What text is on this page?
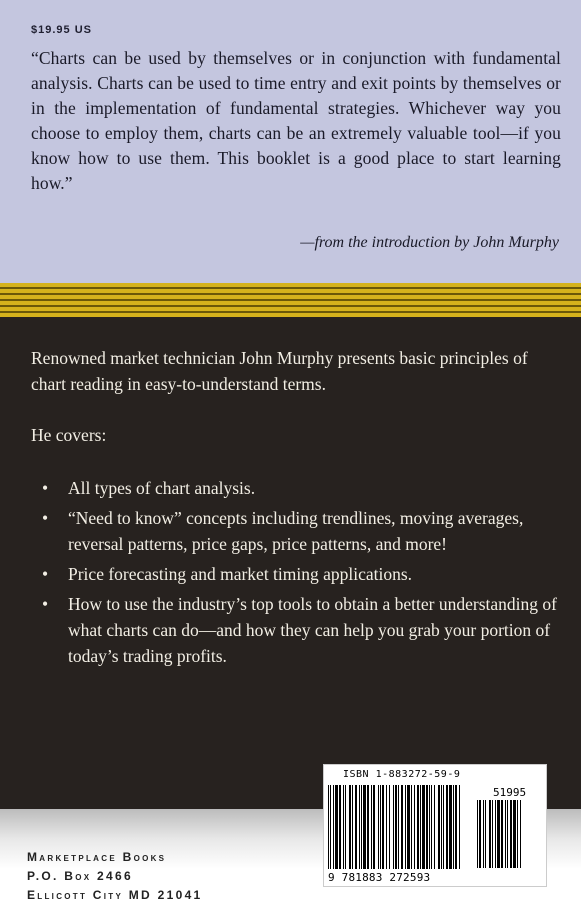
$19.95 US

“Charts can be used by themselves or in conjunction with fundamental analysis. Charts can be used to time entry and exit points by themselves or in the implementation of fundamental strategies. Whichever way you choose to employ them, charts can be an extremely valuable tool—if you know how to use them. This booklet is a good place to start learning how.”

—from the introduction by John Murphy

Renowned market technician John Murphy presents basic principles of chart reading in easy-to-understand terms.

He covers:
• All types of chart analysis.
• “Need to know” concepts including trendlines, moving averages, reversal patterns, price gaps, price patterns, and more!
• Price forecasting and market timing applications.
• How to use the industry’s top tools to obtain a better understanding of what charts can do—and how they can help you grab your portion of today’s trading profits.
Marketplace Books
P.O. Box 2466
Ellicott City MD 21041
ISBN 1-883272-59-9
51995
9 781883 272593
